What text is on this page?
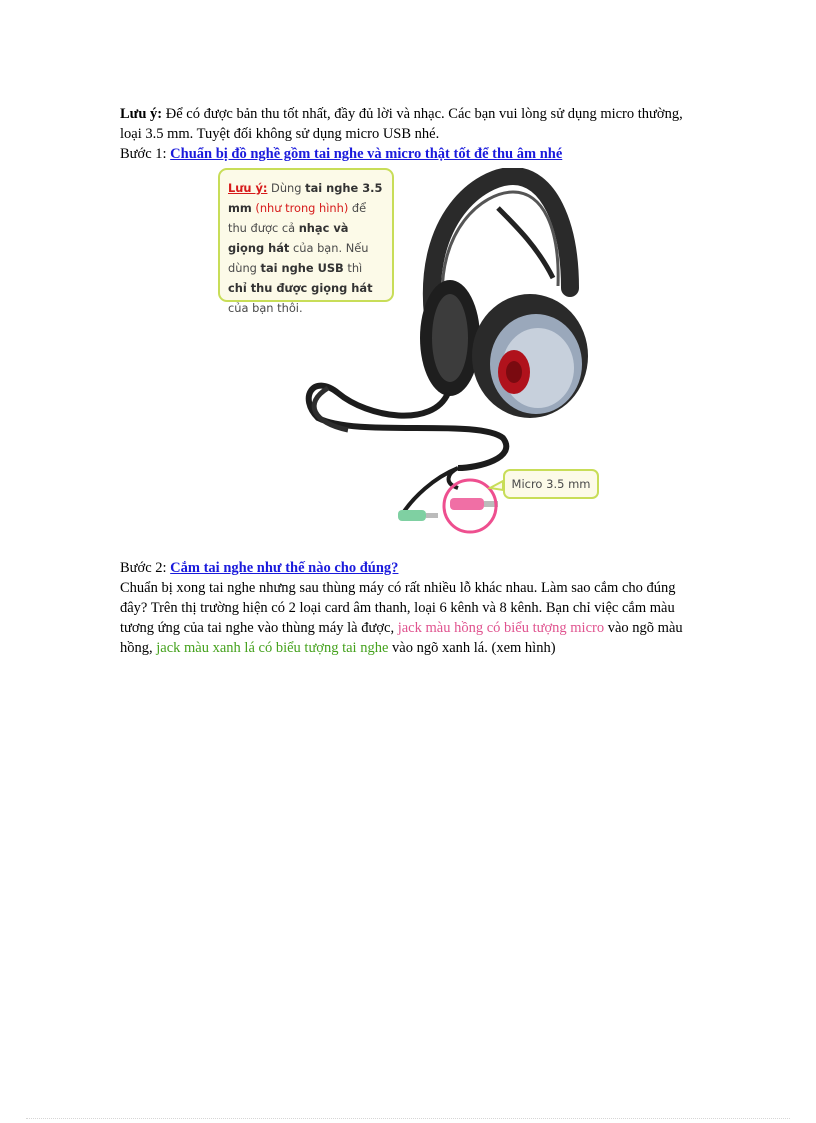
Lưu ý: Để có được bản thu tốt nhất, đầy đủ lời và nhạc. Các bạn vui lòng sử dụng micro thường, loại 3.5 mm. Tuyệt đối không sử dụng micro USB nhé.

Bước 1: Chuẩn bị đồ nghề gồm tai nghe và micro thật tốt để thu âm nhé

Bước 2: Cắm tai nghe như thế nào cho đúng?

Chuẩn bị xong tai nghe nhưng sau thùng máy có rất nhiều lỗ khác nhau. Làm sao cắm cho đúng đây? Trên thị trường hiện có 2 loại card âm thanh, loại 6 kênh và 8 kênh. Bạn chỉ việc cắm màu tương ứng của tai nghe vào thùng máy là được, jack màu hồng có biểu tượng micro vào ngõ màu hồng, jack màu xanh lá có biểu tượng tai nghe vào ngõ xanh lá. (xem hình)

Lưu ý: Dùng tai nghe 3.5 mm (như trong hình) để thu được cả nhạc và giọng hát của bạn. Nếu dùng tai nghe USB thì chỉ thu được giọng hát của bạn thôi.
Micro 3.5 mm
